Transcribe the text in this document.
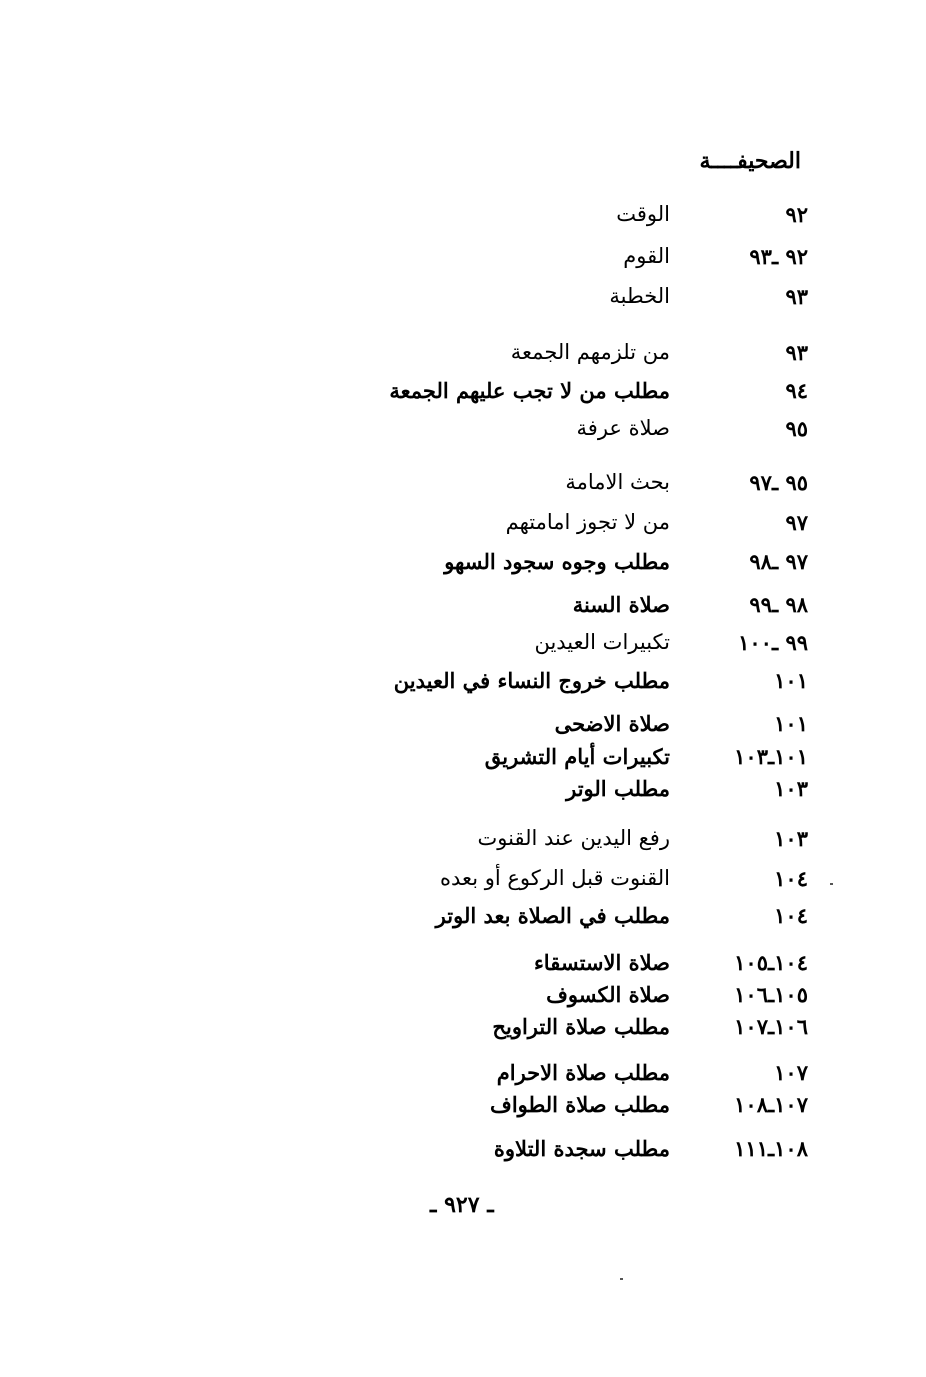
الصحيفــــة
٩٢
الوقت
٩٢ ـ٩٣
القوم
٩٣
الخطبة
٩٣
من تلزمهم الجمعة
٩٤
مطلب من لا تجب عليهم الجمعة
٩٥
صلاة عرفة
٩٥ ـ٩٧
بحث الامامة
٩٧
من لا تجوز امامتهم
٩٧ ـ٩٨
مطلب وجوه سجود السهو
٩٨ ـ٩٩
صلاة السنة
٩٩ ـ١٠٠
تكبيرات العيدين
١٠١
مطلب خروج النساء في العيدين
١٠١
صلاة الاضحى
١٠١ـ١٠٣
تكبيرات أيام التشريق
١٠٣
مطلب الوتر
١٠٣
رفع اليدين عند القنوت
١٠٤
القنوت قبل الركوع أو بعده
١٠٤
مطلب في الصلاة بعد الوتر
١٠٤ـ١٠٥
صلاة الاستسقاء
١٠٥ـ١٠٦
صلاة الكسوف
١٠٦ـ١٠٧
مطلب صلاة التراويح
١٠٧
مطلب صلاة الاحرام
١٠٧ـ١٠٨
مطلب صلاة الطواف
١٠٨ـ١١١
مطلب سجدة التلاوة
ـ ٩٢٧ ـ
